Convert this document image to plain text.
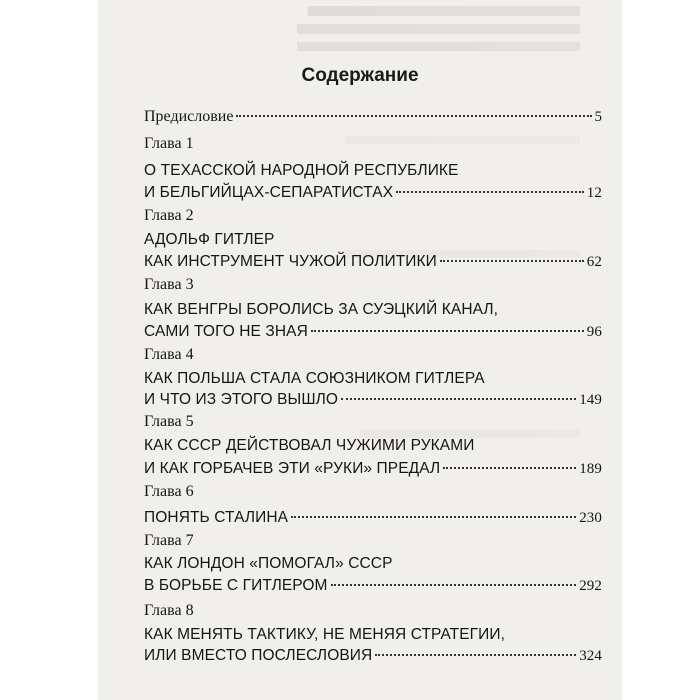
Содержание
Предисловие	5
Глава 1
О ТЕХАССКОЙ НАРОДНОЙ РЕСПУБЛИКЕ
И БЕЛЬГИЙЦАХ-СЕПАРАТИСТАХ	12
Глава 2
АДОЛЬФ ГИТЛЕР
КАК ИНСТРУМЕНТ ЧУЖОЙ ПОЛИТИКИ	62
Глава 3
КАК ВЕНГРЫ БОРОЛИСЬ ЗА СУЭЦКИЙ КАНАЛ,
САМИ ТОГО НЕ ЗНАЯ	96
Глава 4
КАК ПОЛЬША СТАЛА СОЮЗНИКОМ ГИТЛЕРА
И ЧТО ИЗ ЭТОГО ВЫШЛО	149
Глава 5
КАК СССР ДЕЙСТВОВАЛ ЧУЖИМИ РУКАМИ
И КАК ГОРБАЧЕВ ЭТИ «РУКИ» ПРЕДАЛ	189
Глава 6
ПОНЯТЬ СТАЛИНА	230
Глава 7
КАК ЛОНДОН «ПОМОГАЛ» СССР
В БОРЬБЕ С ГИТЛЕРОМ	292
Глава 8
КАК МЕНЯТЬ ТАКТИКУ, НЕ МЕНЯЯ СТРАТЕГИИ,
ИЛИ ВМЕСТО ПОСЛЕСЛОВИЯ	324
